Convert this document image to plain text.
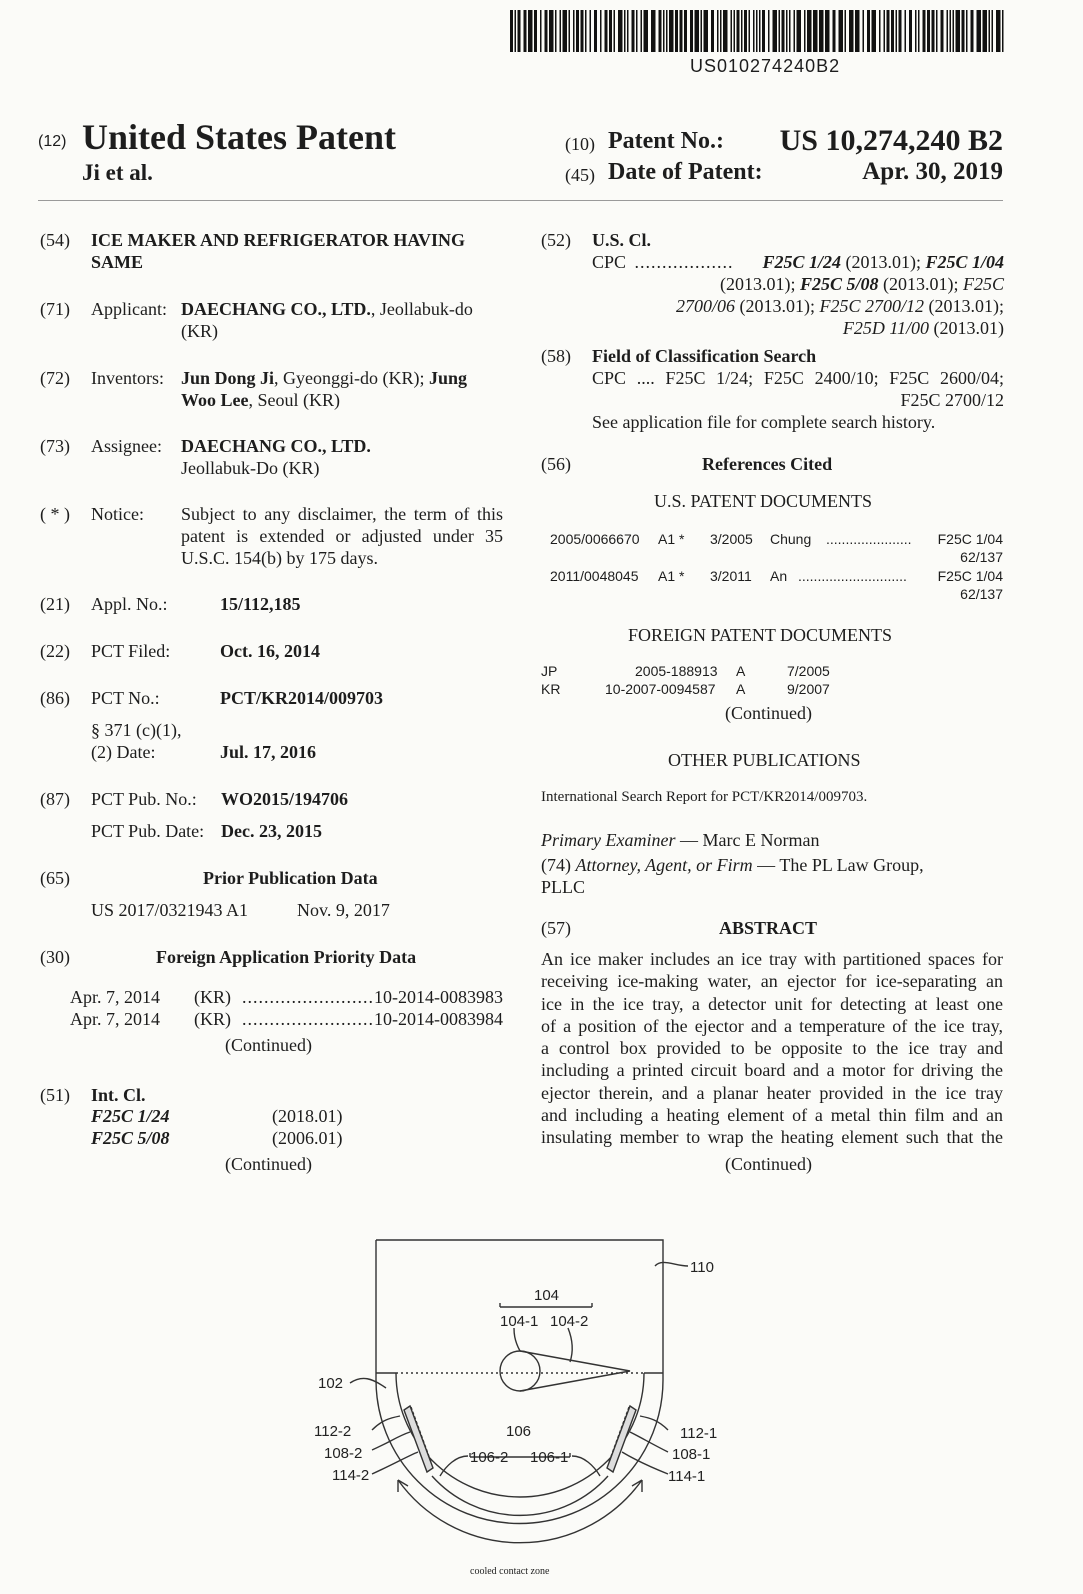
US010274240B2
(12) United States Patent
Ji et al.
(10) Patent No.:	US 10,274,240 B2
(45) Date of Patent:	Apr. 30, 2019
(54) ICE MAKER AND REFRIGERATOR HAVING
SAME
(71) Applicant: DAECHANG CO., LTD., Jeollabuk-do
(KR)
(72) Inventors: Jun Dong Ji, Gyeonggi-do (KR); Jung
Woo Lee, Seoul (KR)
(73) Assignee: DAECHANG CO., LTD.
Jeollabuk-Do (KR)
( * ) Notice: Subject to any disclaimer, the term of this
patent is extended or adjusted under 35
U.S.C. 154(b) by 175 days.
(21) Appl. No.:	15/112,185
(22) PCT Filed:	Oct. 16, 2014
(86) PCT No.:	PCT/KR2014/009703
§ 371 (c)(1),
(2) Date:	Jul. 17, 2016
(87) PCT Pub. No.: WO2015/194706
PCT Pub. Date: Dec. 23, 2015
(65)	Prior Publication Data
US 2017/0321943 A1	Nov. 9, 2017
(30)	Foreign Application Priority Data
Apr. 7, 2014 (KR) ........................ 10-2014-0083983
Apr. 7, 2014 (KR) ........................ 10-2014-0083984
(Continued)
(51) Int. Cl.
F25C 1/24	(2018.01)
F25C 5/08	(2006.01)
(Continued)
(52) U.S. Cl.
CPC .................. F25C 1/24 (2013.01); F25C 1/04
(2013.01); F25C 5/08 (2013.01); F25C
2700/06 (2013.01); F25C 2700/12 (2013.01);
F25D 11/00 (2013.01)
(58) Field of Classification Search
CPC .... F25C 1/24; F25C 2400/10; F25C 2600/04;
F25C 2700/12
See application file for complete search history.
(56)	References Cited
U.S. PATENT DOCUMENTS
2005/0066670 A1 * 3/2005 Chung ...................... F25C 1/04
62/137
2011/0048045 A1 * 3/2011 An ............................ F25C 1/04
62/137
FOREIGN PATENT DOCUMENTS
JP	2005-188913 A	7/2005
KR	10-2007-0094587 A	9/2007
(Continued)
OTHER PUBLICATIONS
International Search Report for PCT/KR2014/009703.
Primary Examiner — Marc E Norman
(74) Attorney, Agent, or Firm — The PL Law Group,
PLLC
(57)	ABSTRACT
An ice maker includes an ice tray with partitioned spaces for
receiving ice-making water, an ejector for ice-separating an
ice in the ice tray, a detector unit for detecting at least one
of a position of the ejector and a temperature of the ice tray,
a control box provided to be opposite to the ice tray and
including a printed circuit board and a motor for driving the
ejector therein, and a planar heater provided in the ice tray
and including a heating element of a metal thin film and an
insulating member to wrap the heating element such that the
(Continued)
110
104
104-1 104-2
102
112-2
108-2
114-2
106
106-2 106-1
112-1
108-1
114-1
cooled contact zone
